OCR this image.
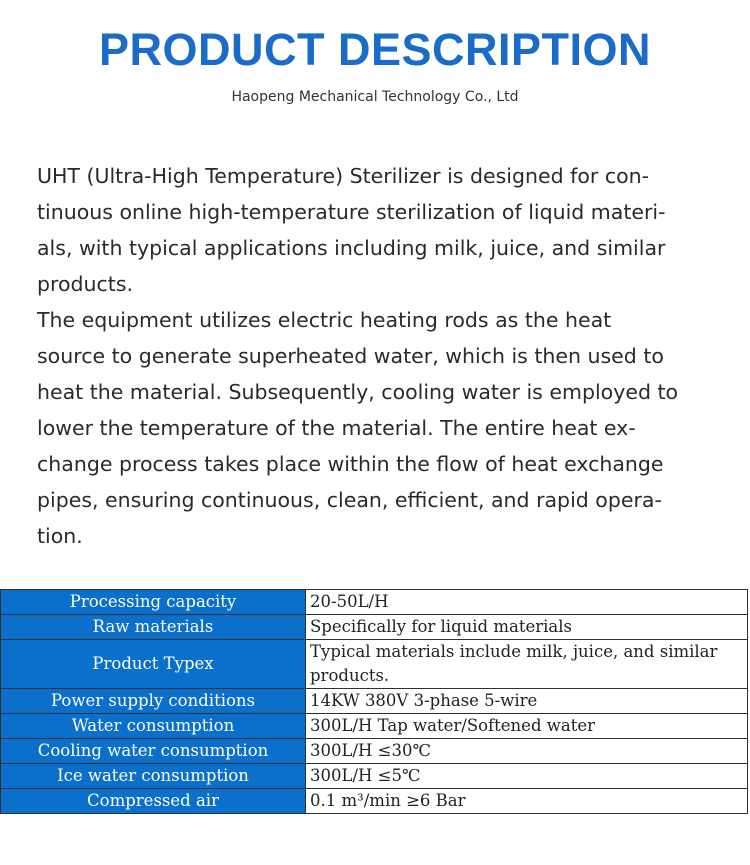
PRODUCT DESCRIPTION
Haopeng Mechanical Technology Co., Ltd

UHT (Ultra-High Temperature) Sterilizer is designed for con-

tinuous online high-temperature sterilization of liquid materi-

als, with typical applications including milk, juice, and similar

products.

The equipment utilizes electric heating rods as the heat

source to generate superheated water, which is then used to

heat the material. Subsequently, cooling water is employed to

lower the temperature of the material. The entire heat ex-

change process takes place within the flow of heat exchange

pipes, ensuring continuous, clean, efficient, and rapid opera-

tion.

Processing capacity	20-50L/H
Raw materials	Specifically for liquid materials
Product Typex	Typical materials include milk, juice, and similar products.
Power supply conditions	14KW 380V 3-phase 5-wire
Water consumption	300L/H Tap water/Softened water
Cooling water consumption	300L/H ≤30℃
Ice water consumption	300L/H ≤5℃
Compressed air	0.1 m³/min ≥6 Bar
